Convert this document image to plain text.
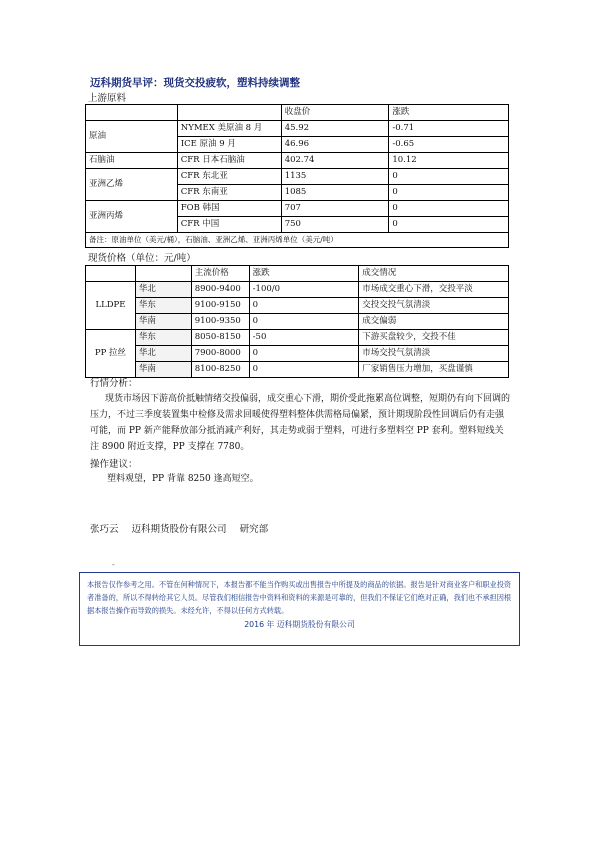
迈科期货早评：现货交投疲软，塑料持续调整
上游原料
		收盘价	涨跌
原油	NYMEX 美原油 8 月	45.92	-0.71
	ICE 原油 9 月	46.96	-0.65
石脑油	CFR 日本石脑油	402.74	10.12
亚洲乙烯	CFR 东北亚	1135	0
	CFR 东南亚	1085	0
亚洲丙烯	FOB 韩国	707	0
	CFR 中国	750	0
备注：原油单位（美元/桶），石脑油、亚洲乙烯、亚洲丙烯单位（美元/吨）			
现货价格（单位：元/吨）
		主流价格	涨跌	成交情况
LLDPE	华北	8900-9400	-100/0	市场成交重心下滑，交投平淡
	华东	9100-9150	0	交投交投气氛清淡
	华南	9100-9350	0	成交偏弱
PP 拉丝	华东	8050-8150	-50	下游买盘较少，交投不佳
	华北	7900-8000	0	市场交投气氛清淡
	华南	8100-8250	0	厂家销售压力增加，买盘谨慎
行情分析：
现货市场因下游高价抵触情绪交投偏弱，成交重心下滑，期价受此拖累高位调整，短期仍有向下回调的压力，不过三季度装置集中检修及需求回暖使得塑料整体供需格局偏紧，预计期现阶段性回调后仍有走强可能，而 PP 新产能释放部分抵消减产利好，其走势或弱于塑料，可进行多塑料空 PP 套利。塑料短线关注 8900 附近支撑，PP 支撑在 7780。
操作建议：
塑料观望，PP 背靠 8250 逢高短空。
张巧云 迈科期货股份有限公司 研究部
-
本报告仅作参考之用。不管在何种情况下，本报告都不能当作购买或出售报告中所提及的商品的依据。报告是针对商业客户和职业投资者准备的，所以不得转给其它人员。尽管我们相信报告中资料和资料的来源是可靠的，但我们不保证它们绝对正确，我们也不承担因根据本报告操作而导致的损失。未经允许，不得以任何方式转载。
2016 年 迈科期货股份有限公司
